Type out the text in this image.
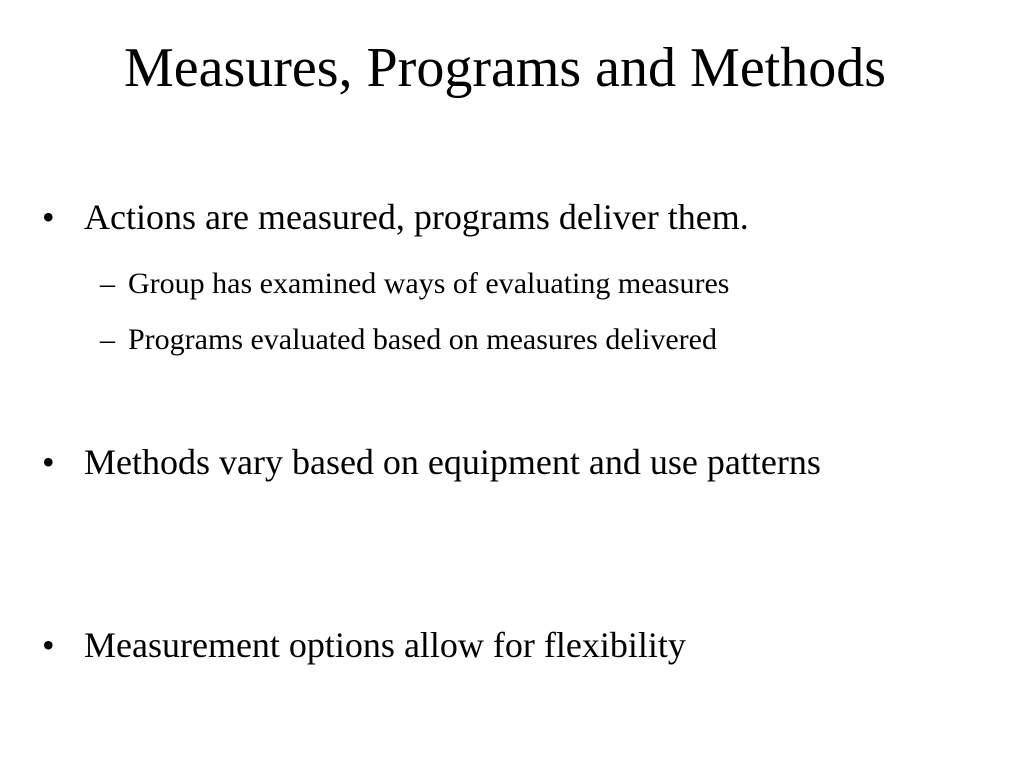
Measures, Programs and Methods
• Actions are measured, programs deliver them.
– Group has examined ways of evaluating measures
– Programs evaluated based on measures delivered
• Methods vary based on equipment and use patterns
• Measurement options allow for flexibility
